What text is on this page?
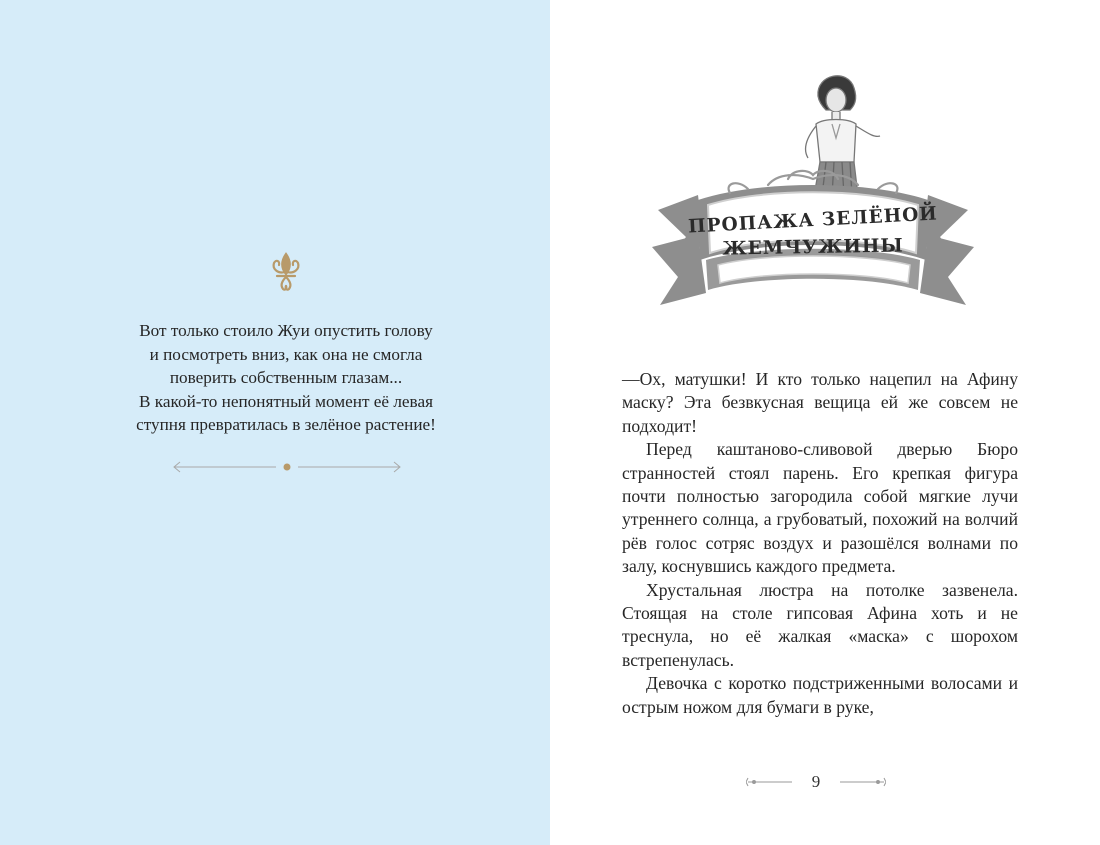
Вот только стоило Жуи опустить голову

и посмотреть вниз, как она не смогла

поверить собственным глазам...

В какой-то непонятный момент её левая

ступня превратилась в зелёное растение!

ПРОПАЖА ЗЕЛЁНОЙ
ЖЕМЧУЖИНЫ

—Ох, матушки! И кто только нацепил на Афину маску? Эта безвкусная вещица ей же совсем не подходит!

Перед каштаново-сливовой дверью Бюро странностей стоял парень. Его крепкая фигура почти полностью загородила собой мягкие лучи утреннего солнца, а грубоватый, похожий на волчий рёв голос сотряс воздух и разошёлся волнами по залу, коснувшись каждого предмета.

Хрустальная люстра на потолке зазвенела. Стоящая на столе гипсовая Афина хоть и не треснула, но её жалкая «маска» с шорохом встрепенулась.

Девочка с коротко подстриженными волосами и острым ножом для бумаги в руке,

9
